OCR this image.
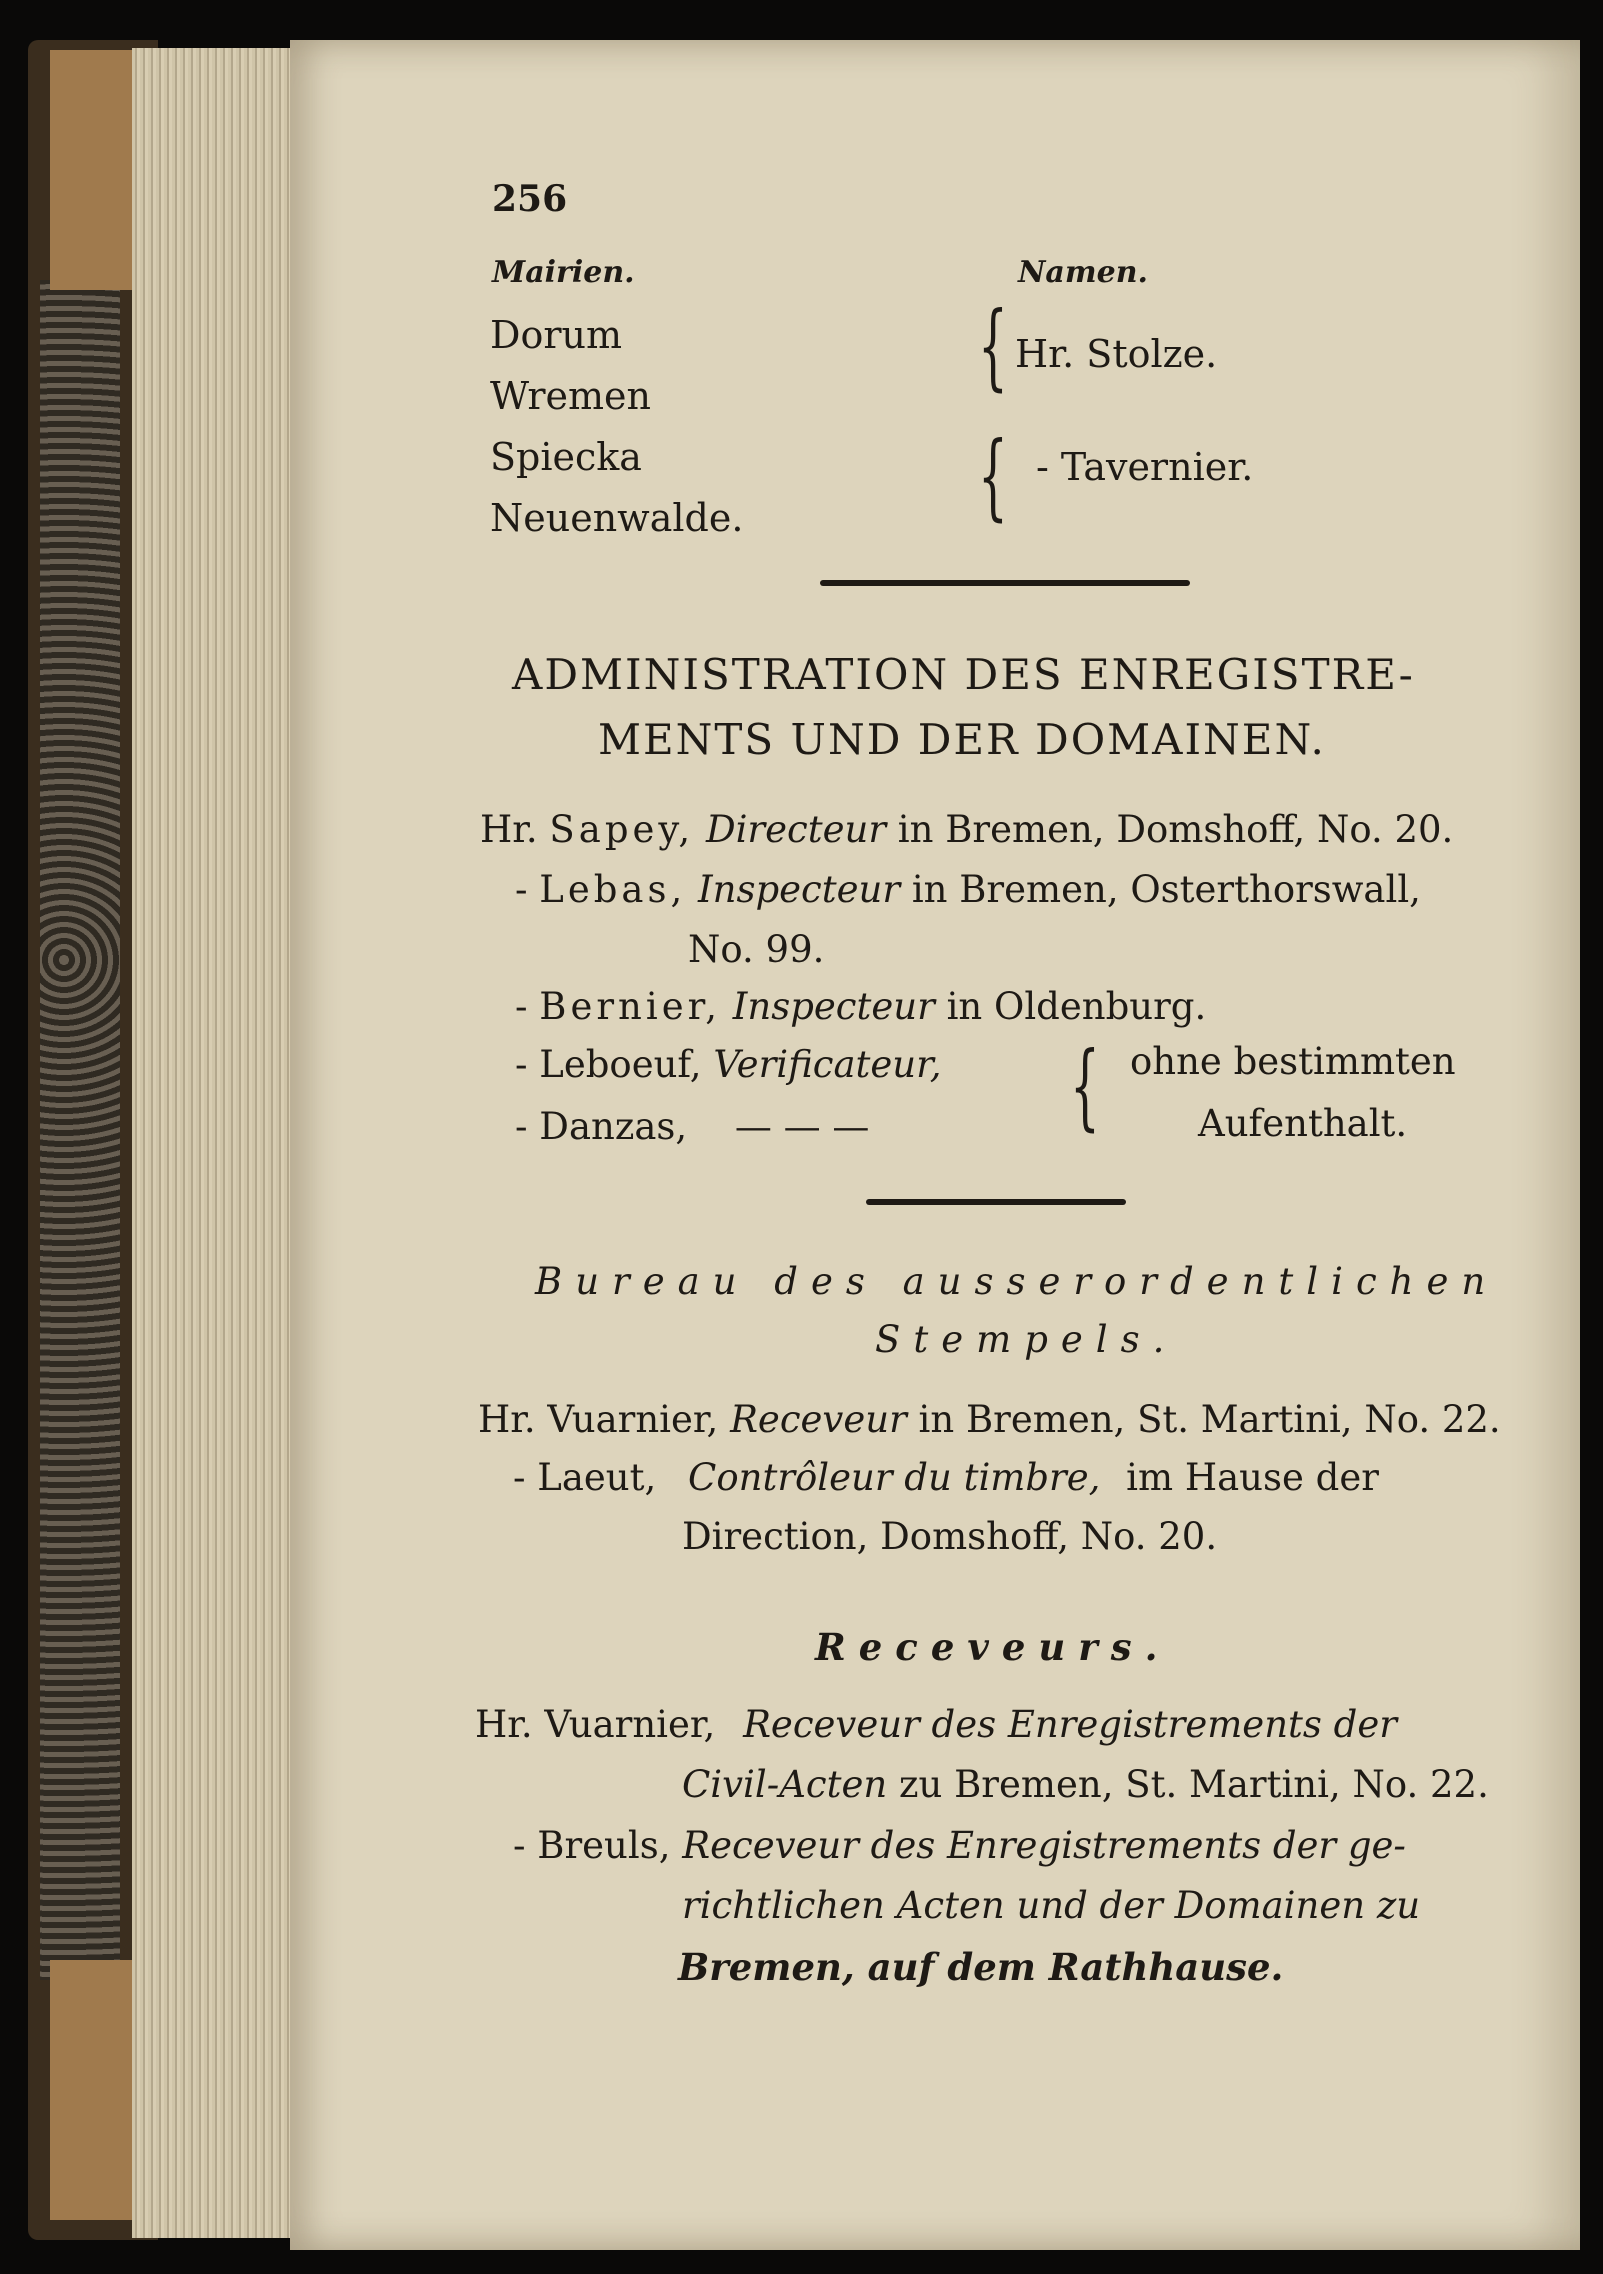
256
Mairien.	Namen.
Dorum
Wremen
Spiecka
Neuenwalde.
{
{
Hr. Stolze.
- Tavernier.
ADMINISTRATION DES ENREGISTRE-
MENTS UND DER DOMAINEN.
Hr. Sapey, Directeur in Bremen, Domshoff, No. 20.
- Lebas, Inspecteur in Bremen, Osterthorswall,
No. 99.
- Bernier, Inspecteur in Oldenburg.
- Leboeuf, Verificateur,
- Danzas, — — — { ohne bestimmten
Aufenthalt.
Bureau des ausserordentlichen
Stempels.
Hr. Vuarnier, Receveur in Bremen, St. Martini, No. 22.
- Laeut, Contrôleur du timbre, im Hause der
Direction, Domshoff, No. 20.
Receveurs.
Hr. Vuarnier, Receveur des Enregistrements der
Civil-Acten zu Bremen, St. Martini, No. 22.
- Breuls, Receveur des Enregistrements der ge-
richtlichen Acten und der Domainen zu
Bremen, auf dem Rathhause.
